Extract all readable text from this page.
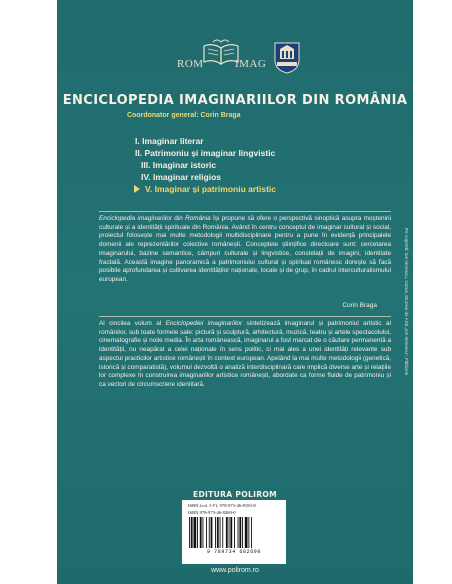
ROM	IMAG
ENCICLOPEDIA IMAGINARIILOR DIN ROMÂNIA
Coordonator general: Corin Braga
I. Imaginar literar
II. Patrimoniu și imaginar lingvistic
III. Imaginar istoric
IV. Imaginar religios
V. Imaginar și patrimoniu artistic
Enciclopedia imaginariilor din România își propune să ofere o perspectivă sinoptică asupra moștenirii culturale și a identității spirituale din România. Având în centru conceptul de imaginar cultural și social, proiectul folosește mai multe metodologii multidisciplinare pentru a pune în evidență principalele domenii ale reprezentărilor colective românești. Conceptele științifice directoare sunt: cercetarea imaginarului, bazine semantice, câmpuri culturale și lingvistice, constelații de imagini, identitate fractală. Această imagine panoramică a patrimoniului cultural și spiritual românesc dorește să facă posibile aprofundarea și cultivarea identităților naționale, locale și de grup, în cadrul interculturalismului european.
Corin Braga
Al cincilea volum al Enciclopediei imaginariilor sintetizează imaginarul și patrimoniul artistic al românilor, sub toate formele sale: pictură și sculptură, arhitectură, muzică, teatru și artele spectacolului, cinematografie și noile media. În arta românească, imaginarul a fost marcat de o căutare permanentă a identității, nu neapărat a celei naționale în sens politic, ci mai ales a unei identități relevante sub aspectul practicilor artistice românești în context european. Apelând la mai multe metodologii (genetică, istorică și comparatistă), volumul dezvoltă o analiză interdisciplinară care implică diverse arte și relațiile lor complexe în construirea imaginariilor artistice românești, abordate ca forme fluide de patrimoniu și ca vectori de circumscriere identitară.
Pe copertă: Ion Irimescu, Icarus, Muzeul de Artă „Ion Irimescu", Fălticeni
EDITURA POLIROM
ISBN (vol. I-V): 978-973-46-8183-8
ISBN 978-973-46-8269-0
9 789734 682690
www.polirom.ro
